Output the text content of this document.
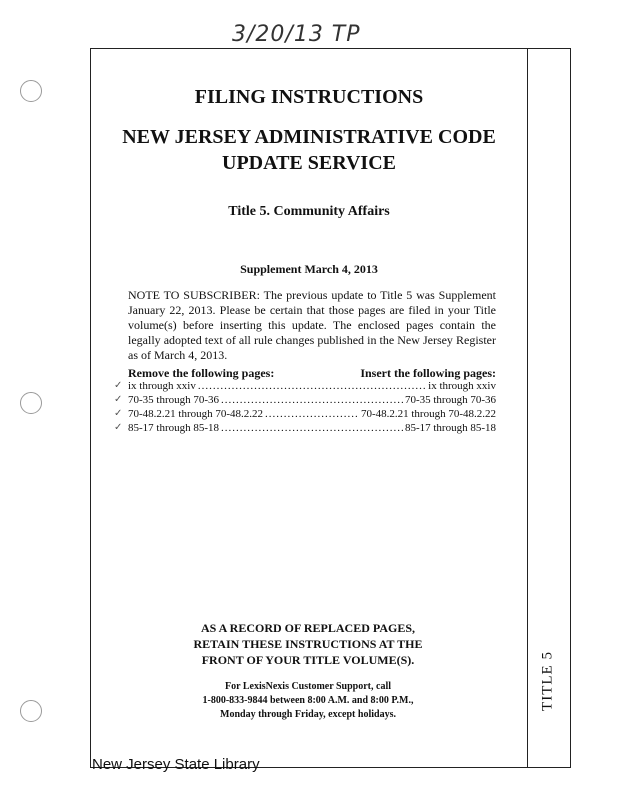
3/20/13 TP
TITLE 5
FILING INSTRUCTIONS
NEW JERSEY ADMINISTRATIVE CODE
UPDATE SERVICE
Title 5. Community Affairs
Supplement March 4, 2013
NOTE TO SUBSCRIBER: The previous update to Title 5 was Supplement January 22, 2013. Please be certain that those pages are filed in your Title volume(s) before inserting this update. The enclosed pages contain the legally adopted text of all rule changes published in the New Jersey Register as of March 4, 2013.
Remove the following pages:	Insert the following pages:
ix through xxiv .....	ix through xxiv
70-35 through 70-36 .....	70-35 through 70-36
70-48.2.21 through 70-48.2.22 .....	70-48.2.21 through 70-48.2.22
85-17 through 85-18 .....	85-17 through 85-18
✓
✓
✓
✓
AS A RECORD OF REPLACED PAGES,
RETAIN THESE INSTRUCTIONS AT THE
FRONT OF YOUR TITLE VOLUME(S).
For LexisNexis Customer Support, call
1-800-833-9844 between 8:00 A.M. and 8:00 P.M.,
Monday through Friday, except holidays.
New Jersey State Library
